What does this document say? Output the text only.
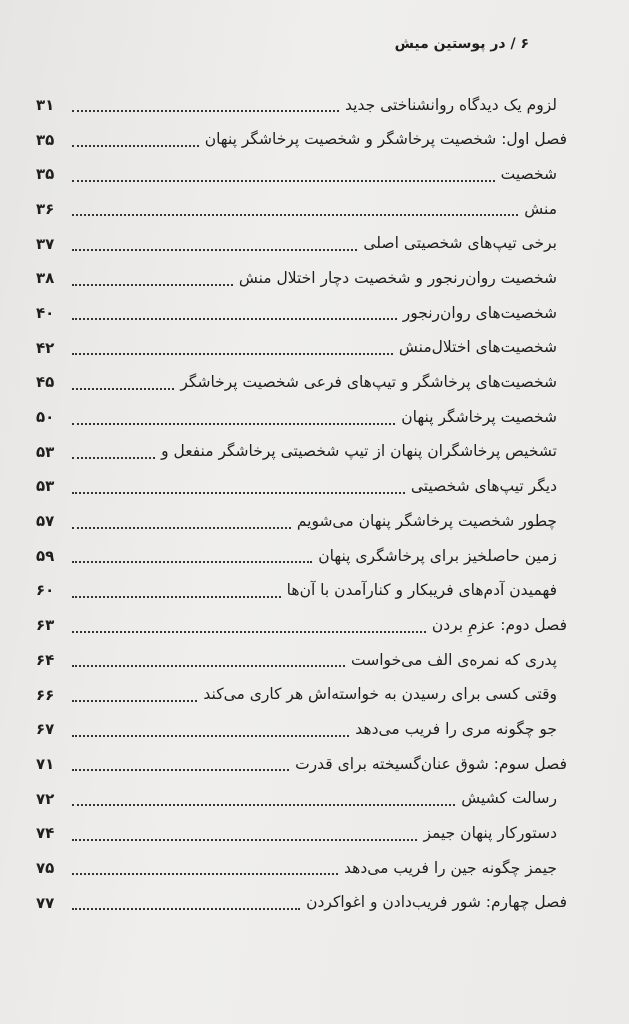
۶ / در پوستین میش
لزوم یک دیدگاه روانشناختی جدید
۳۱
فصل اول: شخصیت پرخاشگر و شخصیت پرخاشگر پنهان
۳۵
شخصیت
۳۵
منش
۳۶
برخی تیپ‌های شخصیتی اصلی
۳۷
شخصیت روان‌رنجور و شخصیت دچار اختلال منش
۳۸
شخصیت‌های روان‌رنجور
۴۰
شخصیت‌های اختلال‌منش
۴۲
شخصیت‌های پرخاشگر و تیپ‌های فرعی شخصیت پرخاشگر
۴۵
شخصیت پرخاشگر پنهان
۵۰
تشخیص پرخاشگران پنهان از تیپ شخصیتی پرخاشگر منفعل و
۵۳
دیگر تیپ‌های شخصیتی
۵۳
چطور شخصیت پرخاشگر پنهان می‌شویم
۵۷
زمین حاصلخیز برای پرخاشگری پنهان
۵۹
فهمیدن آدم‌های فریبکار و کنارآمدن با آن‌ها
۶۰
فصل دوم: عزمِ بردن
۶۳
پدری که نمره‌ی الف می‌خواست
۶۴
وقتی کسی برای رسیدن به خواسته‌اش هر کاری می‌کند
۶۶
جو چگونه مری را فریب می‌دهد
۶۷
فصل سوم: شوق عنان‌گسیخته برای قدرت
۷۱
رسالت کشیش
۷۲
دستورکار پنهان جیمز
۷۴
جیمز چگونه جین را فریب می‌دهد
۷۵
فصل چهارم: شور فریب‌دادن و اغواکردن
۷۷
